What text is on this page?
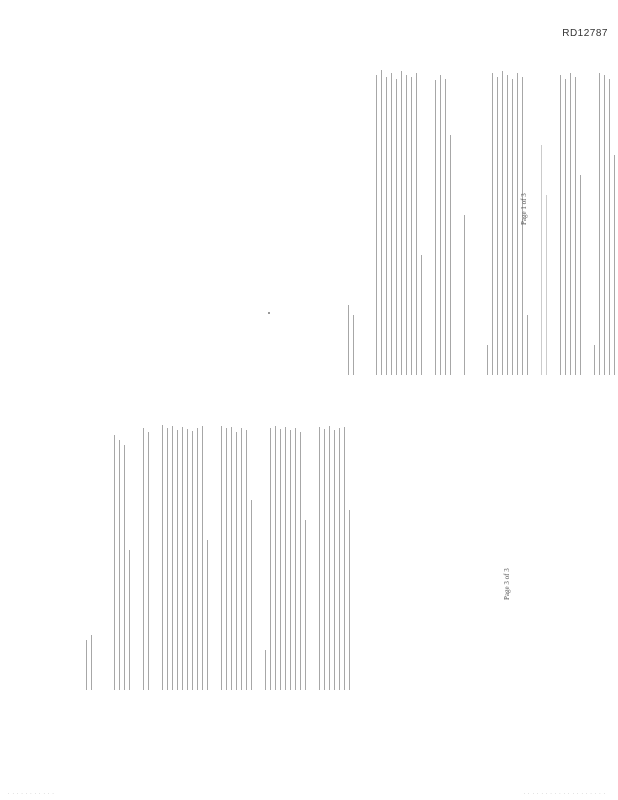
RD12787
Page 3 of 3
Page 1 of 3
· · · · · · · · · · ·	· · · · · · · · · · · · · · · · · · ·
